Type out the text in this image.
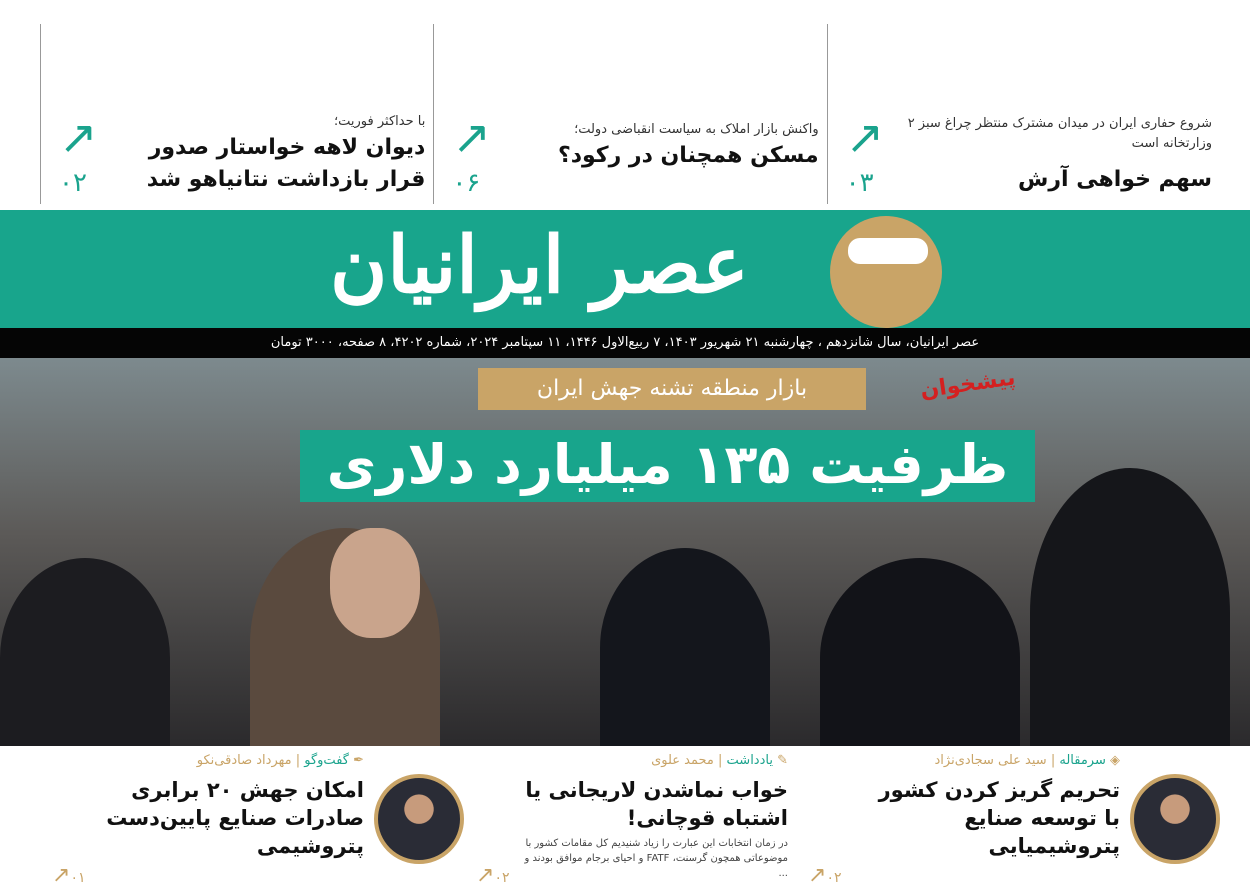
شروع حفاری ایران در میدان مشترک منتظر چراغ سبز ۲ وزارتخانه است
سهم خواهی آرش
↗
۰۳
واکنش بازار املاک به سیاست انقباضی دولت؛
مسکن همچنان در رکود؟
↗
۰۶
با حداکثر فوریت؛
دیوان لاهه خواستار صدور قرار بازداشت نتانیاهو شد
↗
۰۲
عصر ایرانیان
عصر ایرانیان، سال شانزدهم ، چهارشنبه ۲۱ شهریور ۱۴۰۳، ۷ ربیع‌الاول ۱۴۴۶، ۱۱ سپتامبر ۲۰۲۴، شماره ۴۲۰۲، ۸ صفحه، ۳۰۰۰ تومان
بازار منطقه تشنه جهش ایران
ظرفیت ۱۳۵ میلیارد دلاری
پیشخوان
◈ سرمقاله | سید علی سجادی‌نژاد
تحریم گریز کردن کشور با توسعه صنایع پتروشیمیایی
↗۰۲
✎ یادداشت | محمد علوی
خواب نماشدن لاریجانی یا اشتباه قوچانی!
در زمان انتخابات این عبارت را زیاد شنیدیم کل مقامات کشور با موضوعاتی همچون گرسنت، FATF و احیای برجام موافق بودند و ...
↗۰۲
✒ گفت‌وگو | مهرداد صادقی‌نکو
امکان جهش ۲۰ برابری صادرات صنایع پایین‌دست پتروشیمی
↗۰۱
